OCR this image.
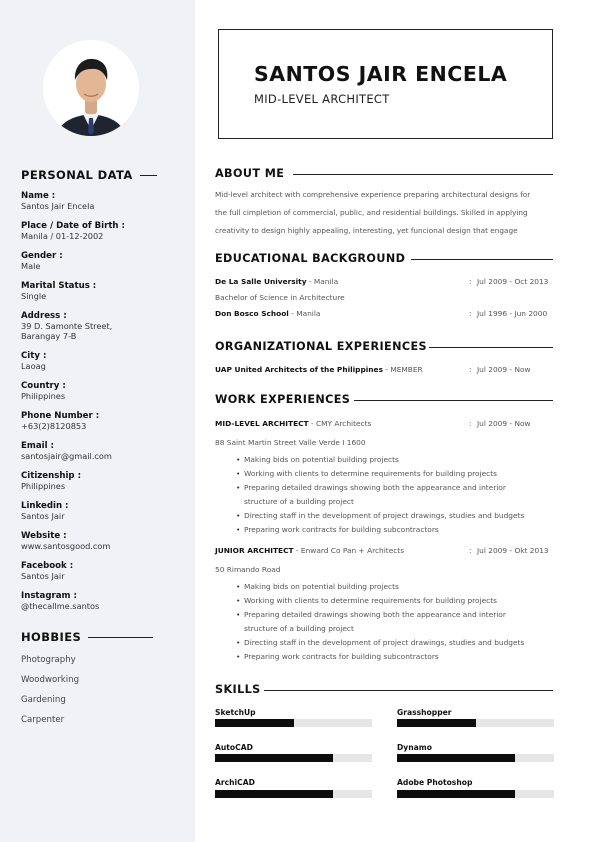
PERSONAL DATA
Name :
Santos Jair Encela
Place / Date of Birth :
Manila / 01-12-2002
Gender :
Male
Marital Status :
Single
Address :
39 D. Samonte Street,
Barangay 7-B
City :
Laoag
Country :
Philippines
Phone Number :
+63(2)8120853
Email :
santosjair@gmail.com
Citizenship :
Philippines
Linkedin :
Santos Jair
Website :
www.santosgood.com
Facebook :
Santos Jair
Instagram :
@thecallme.santos
HOBBIES
Photography
Woodworking
Gardening
Carpenter
SANTOS JAIR ENCELA
MID-LEVEL ARCHITECT
ABOUT ME
Mid-level architect with comprehensive experience preparing architectural designs for
the full cimpletion of commercial, public, and residential buildings. Skilled in applying
creativity to design highly appealing, interesting, yet funcional design that engage
EDUCATIONAL BACKGROUND
De La Salle University - Manila	: Jul 2009 - Oct 2013
Bachelor of Science in Architecture
Don Bosco School - Manila	: Jul 1996 - Jun 2000
ORGANIZATIONAL EXPERIENCES
UAP United Architects of the Philippines - MEMBER	: Jul 2009 - Now
WORK EXPERIENCES
MID-LEVEL ARCHITECT - CMY Architects	: Jul 2009 - Now
88 Saint Martin Street Valle Verde I 1600
• Making bids on potential building projects
• Working with clients to determine requirements for building projects
• Preparing detailed drawings showing both the appearance and interior
structure of a building project
• Directing staff in the development of project drawings, studies and budgets
• Preparing work contracts for building subcontractors
JUNIOR ARCHITECT - Enward Co Pan + Architects	: Jul 2009 - Okt 2013
50 Rimando Road
• Making bids on potential building projects
• Working with clients to determine requirements for building projects
• Preparing detailed drawings showing both the appearance and interior
structure of a building project
• Directing staff in the development of project drawings, studies and budgets
• Preparing work contracts for building subcontractors
SKILLS
SketchUp	Grasshopper
AutoCAD	Dynamo
ArchiCAD	Adobe Photoshop
